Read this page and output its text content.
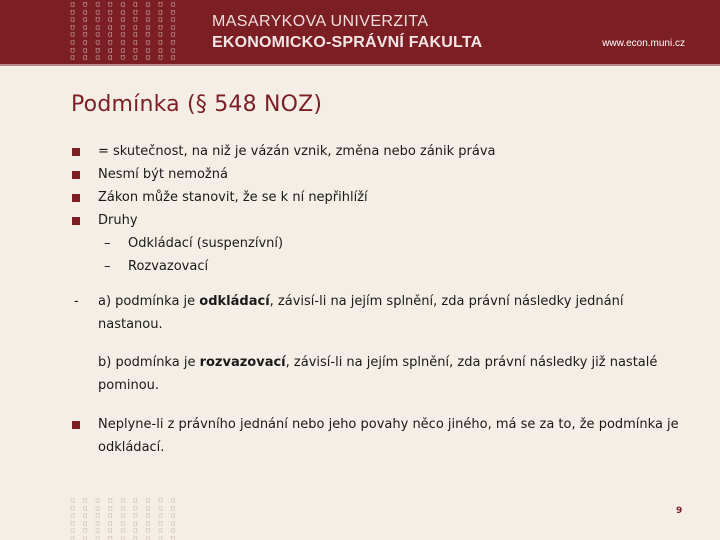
ɑ ʊ ɑ ʊ ɑ ɑ ɑ ʊ ɑ
ʊ ɑ ɑ ʊ ɑ ʊ ɑ ɑ ʊ
ɑ ɑ ʊ ɑ ɑ ʊ ɑ ɑ ɑ
ʊ ɑ ɑ ɑ ʊ ɑ ɑ ʊ ɑ
ɑ ʊ ɑ ɑ ɑ ɑ ʊ ɑ ɑ
ɑ ɑ ɑ ʊ ɑ ɑ ɑ ɑ ʊ
ʊ ɑ ʊ ɑ ɑ ʊ ɑ ɑ ɑ
ɑ ɑ ɑ ɑ ʊ ɑ ɑ ʊ ɑ
MASARYKOVA UNIVERZITA
EKONOMICKO-SPRÁVNÍ FAKULTA	www.econ.muni.cz
Podmínka (§ 548 NOZ)
= skutečnost, na niž je vázán vznik, změna nebo zánik práva
Nesmí být nemožná
Zákon může stanovit, že se k ní nepřihlíží
Druhy
– Odkládací (suspenzívní)
– Rozvazovací
- a) podmínka je odkládací, závisí-li na jejím splnění, zda právní následky jednání nastanou.
b) podmínka je rozvazovací, závisí-li na jejím splnění, zda právní následky již nastalé pominou.
Neplyne-li z právního jednání nebo jeho povahy něco jiného, má se za to, že podmínka je odkládací.
ɑ ʊ ɑ ʊ ɑ ɑ ɑ ʊ ɑ
ʊ ɑ ɑ ʊ ɑ ʊ ɑ ɑ ʊ
ɑ ɑ ʊ ɑ ɑ ʊ ɑ ɑ ɑ
ʊ ɑ ɑ ɑ ʊ ɑ ɑ ʊ ɑ
ɑ ʊ ɑ ɑ ɑ ɑ ʊ ɑ ɑ
ɑ ɑ ɑ ʊ ɑ ɑ ɑ ɑ ʊ
9
